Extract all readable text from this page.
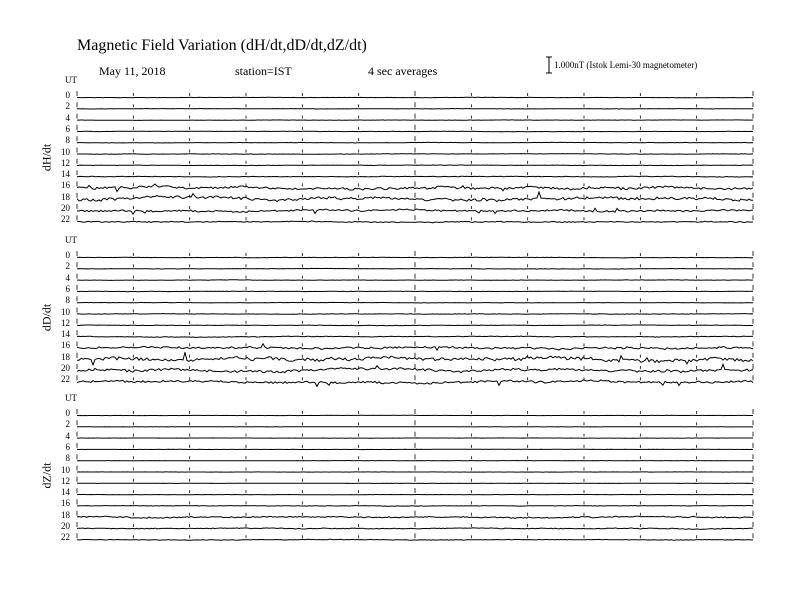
Magnetic Field Variation (dH/dt,dD/dt,dZ/dt)
May 11, 2018	station=IST	4 sec averages	1.000nT (Istok Lemi-30 magnetometer)
UT
dH/dt
0
2
4
6
8
10
12
14
16
18
20
22
UT
dD/dt
0
2
4
6
8
10
12
14
16
18
20
22
UT
dZ/dt
0
2
4
6
8
10
12
14
16
18
20
22
